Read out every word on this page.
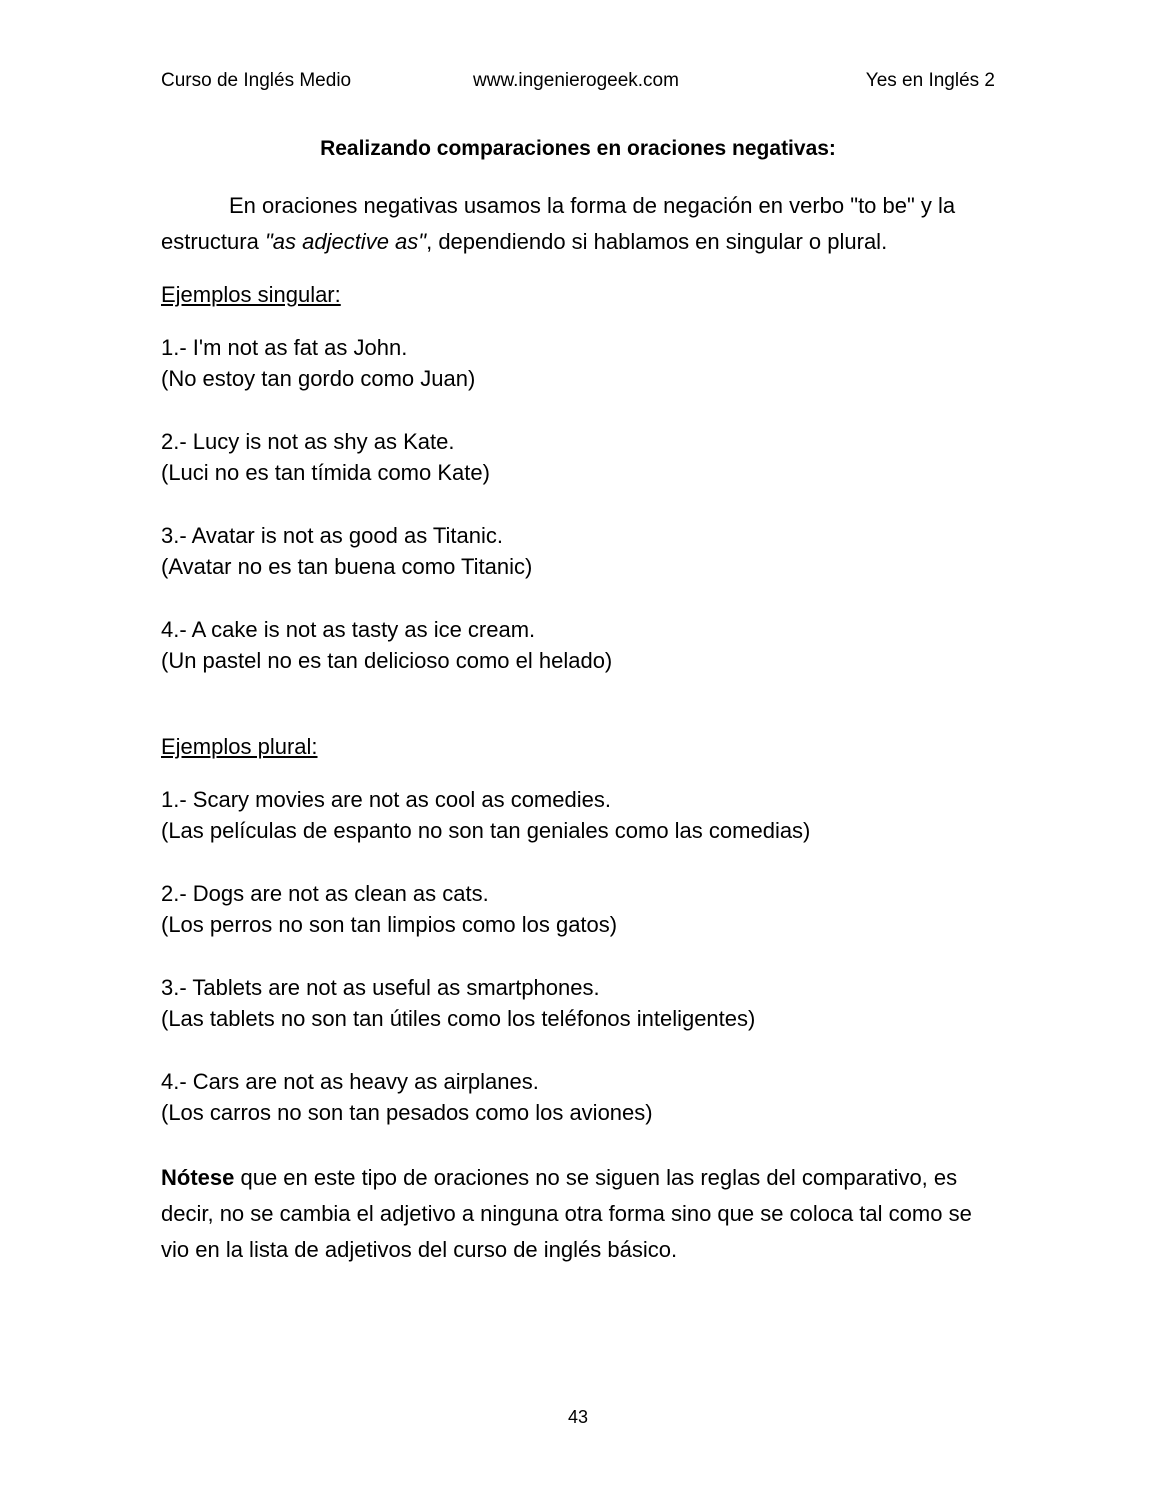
Curso de Inglés Medio	www.ingenierogeek.com	Yes en Inglés 2
Realizando comparaciones en oraciones negativas:

En oraciones negativas usamos la forma de negación en verbo "to be" y la estructura "as adjective as", dependiendo si hablamos en singular o plural.

Ejemplos singular:
1.- I'm not as fat as John.
(No estoy tan gordo como Juan)
2.- Lucy is not as shy as Kate.
(Luci no es tan tímida como Kate)
3.- Avatar is not as good as Titanic.
(Avatar no es tan buena como Titanic)
4.- A cake is not as tasty as ice cream.
(Un pastel no es tan delicioso como el helado)
Ejemplos plural:
1.- Scary movies are not as cool as comedies.
(Las películas de espanto no son tan geniales como las comedias)
2.- Dogs are not as clean as cats.
(Los perros no son tan limpios como los gatos)
3.- Tablets are not as useful as smartphones.
(Las tablets no son tan útiles como los teléfonos inteligentes)
4.- Cars are not as heavy as airplanes.
(Los carros no son tan pesados como los aviones)

Nótese que en este tipo de oraciones no se siguen las reglas del comparativo, es decir, no se cambia el adjetivo a ninguna otra forma sino que se coloca tal como se vio en la lista de adjetivos del curso de inglés básico.

43
